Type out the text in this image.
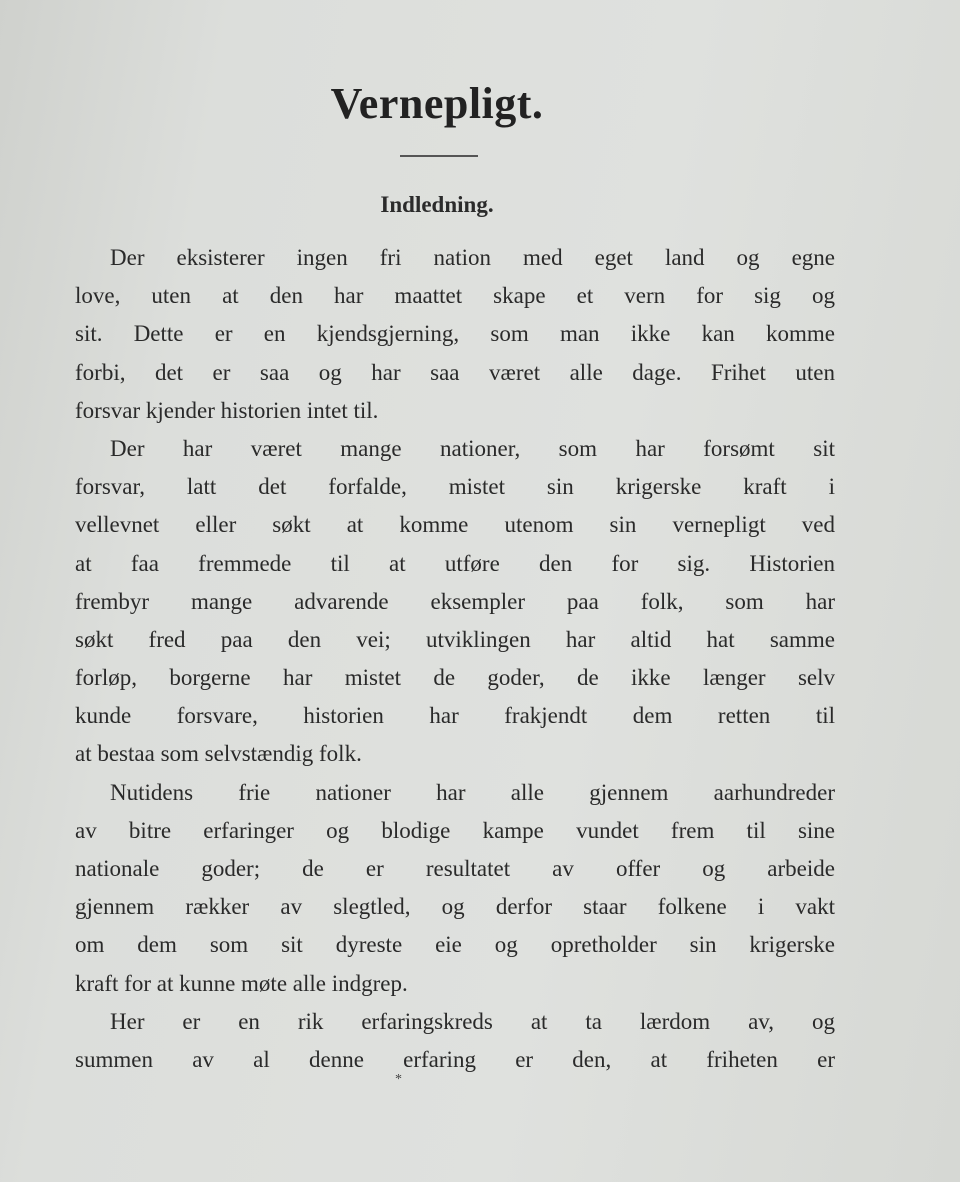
Vernepligt.
Indledning.
Der eksisterer ingen fri nation med eget land og egne
love, uten at den har maattet skape et vern for sig og
sit. Dette er en kjendsgjerning, som man ikke kan komme
forbi, det er saa og har saa været alle dage. Frihet uten
forsvar kjender historien intet til.
Der har været mange nationer, som har forsømt sit
forsvar, latt det forfalde, mistet sin krigerske kraft i
vellevnet eller søkt at komme utenom sin vernepligt ved
at faa fremmede til at utføre den for sig. Historien
frembyr mange advarende eksempler paa folk, som har
søkt fred paa den vei; utviklingen har altid hat samme
forløp, borgerne har mistet de goder, de ikke længer selv
kunde forsvare, historien har frakjendt dem retten til
at bestaa som selvstændig folk.
Nutidens frie nationer har alle gjennem aarhundreder
av bitre erfaringer og blodige kampe vundet frem til sine
nationale goder; de er resultatet av offer og arbeide
gjennem rækker av slegtled, og derfor staar folkene i vakt
om dem som sit dyreste eie og opretholder sin krigerske
kraft for at kunne møte alle indgrep.
Her er en rik erfaringskreds at ta lærdom av, og
summen av al denne erfaring er den, at friheten er
*
